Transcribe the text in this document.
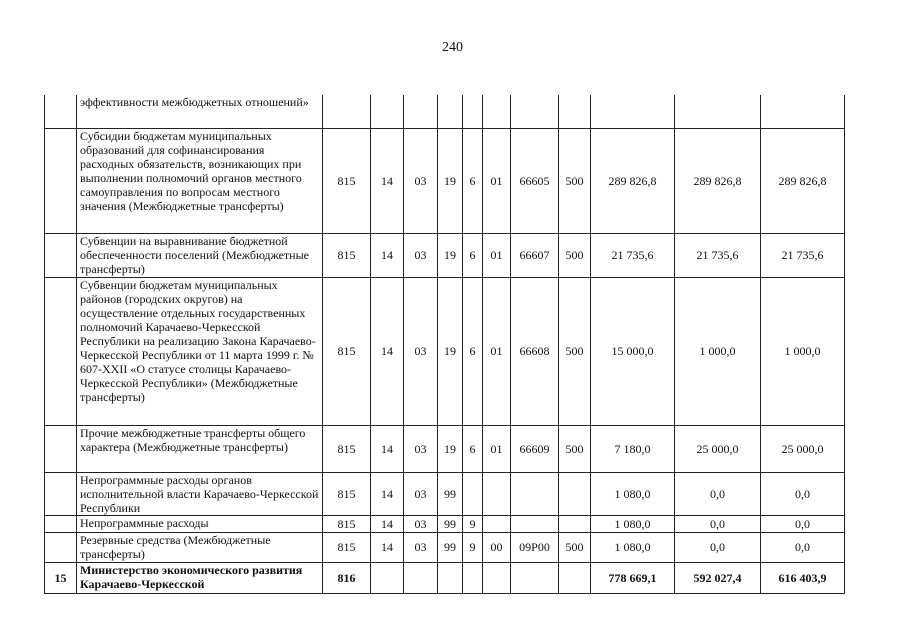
240
	эффективности межбюджетных отношений»											
	Субсидии бюджетам муниципальных образований для софинансирования расходных обязательств, возникающих при выполнении полномочий органов местного самоуправления по вопросам местного значения (Межбюджетные трансферты)	815	14	03	19	6	01	66605	500	289 826,8	289 826,8	289 826,8
	Субвенции на выравнивание бюджетной обеспеченности поселений (Межбюджетные трансферты)	815	14	03	19	6	01	66607	500	21 735,6	21 735,6	21 735,6
	Субвенции бюджетам муниципальных районов (городских округов) на осуществление отдельных государственных полномочий Карачаево-Черкесской Республики на реализацию Закона Карачаево-Черкесской Республики от 11 марта 1999 г. № 607-XXII «О статусе столицы Карачаево-Черкесской Республики» (Межбюджетные трансферты)	815	14	03	19	6	01	66608	500	15 000,0	1 000,0	1 000,0
	Прочие межбюджетные трансферты общего характера (Межбюджетные трансферты)	815	14	03	19	6	01	66609	500	7 180,0	25 000,0	25 000,0
	Непрограммные расходы органов исполнительной власти Карачаево-Черкесской Республики	815	14	03	99					1 080,0	0,0	0,0
	Непрограммные расходы	815	14	03	99	9				1 080,0	0,0	0,0
	Резервные средства (Межбюджетные трансферты)	815	14	03	99	9	00	09Р00	500	1 080,0	0,0	0,0
15	Министерство экономического развития Карачаево-Черкесской	816								778 669,1	592 027,4	616 403,9
